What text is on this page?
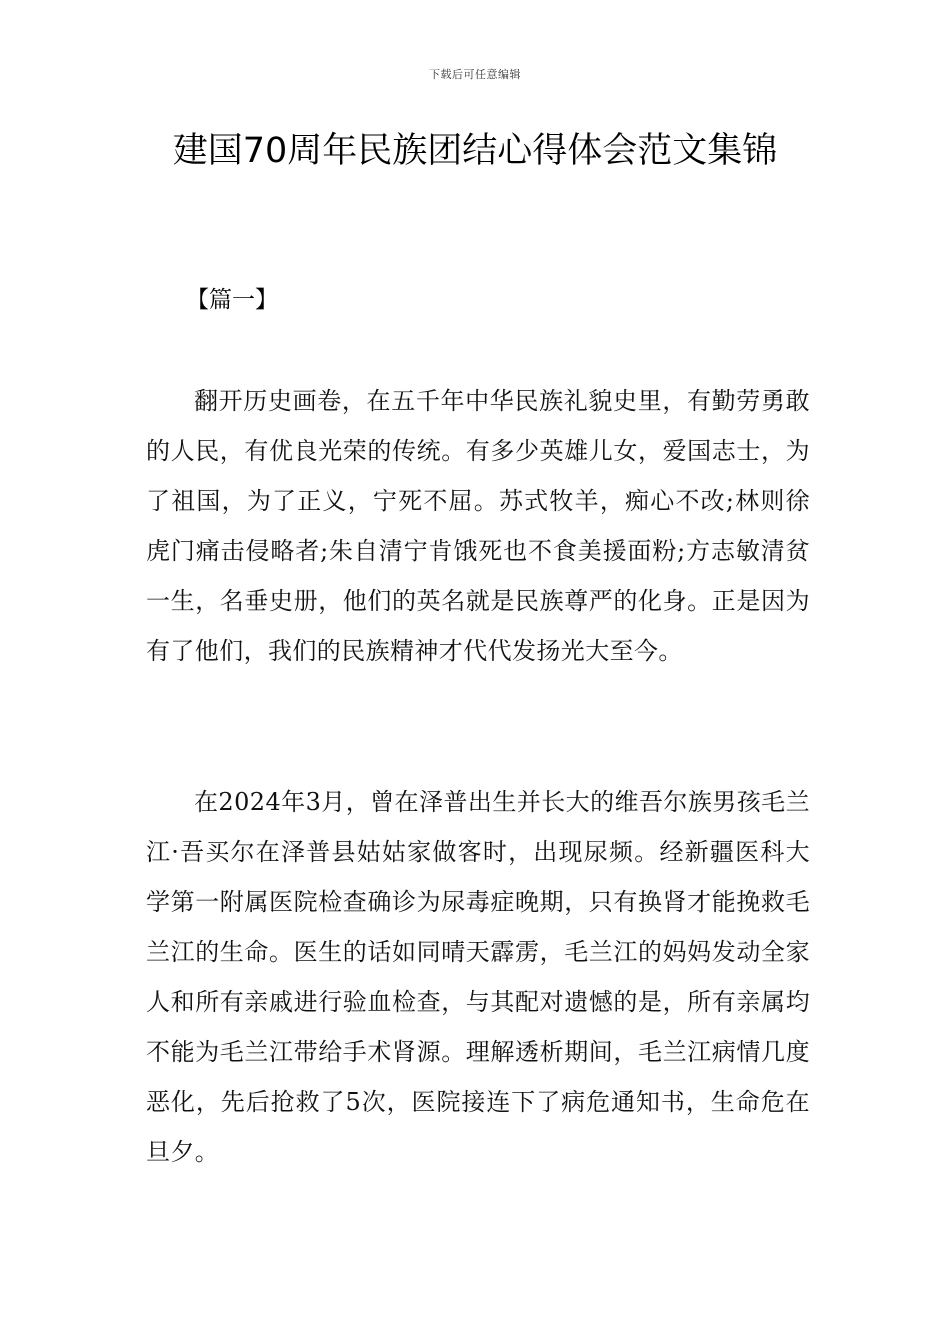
下载后可任意编辑
建国70周年民族团结心得体会范文集锦
【篇一】

翻开历史画卷，在五千年中华民族礼貌史里，有勤劳勇敢的人民，有优良光荣的传统。有多少英雄儿女，爱国志士，为了祖国，为了正义，宁死不屈。苏式牧羊，痴心不改;林则徐虎门痛击侵略者;朱自清宁肯饿死也不食美援面粉;方志敏清贫一生，名垂史册，他们的英名就是民族尊严的化身。正是因为有了他们，我们的民族精神才代代发扬光大至今。

在2024年3月，曾在泽普出生并长大的维吾尔族男孩毛兰江·吾买尔在泽普县姑姑家做客时，出现尿频。经新疆医科大学第一附属医院检查确诊为尿毒症晚期，只有换肾才能挽救毛兰江的生命。医生的话如同晴天霹雳，毛兰江的妈妈发动全家人和所有亲戚进行验血检查，与其配对遗憾的是，所有亲属均不能为毛兰江带给手术肾源。理解透析期间，毛兰江病情几度恶化，先后抢救了5次，医院接连下了病危通知书，生命危在旦夕。
